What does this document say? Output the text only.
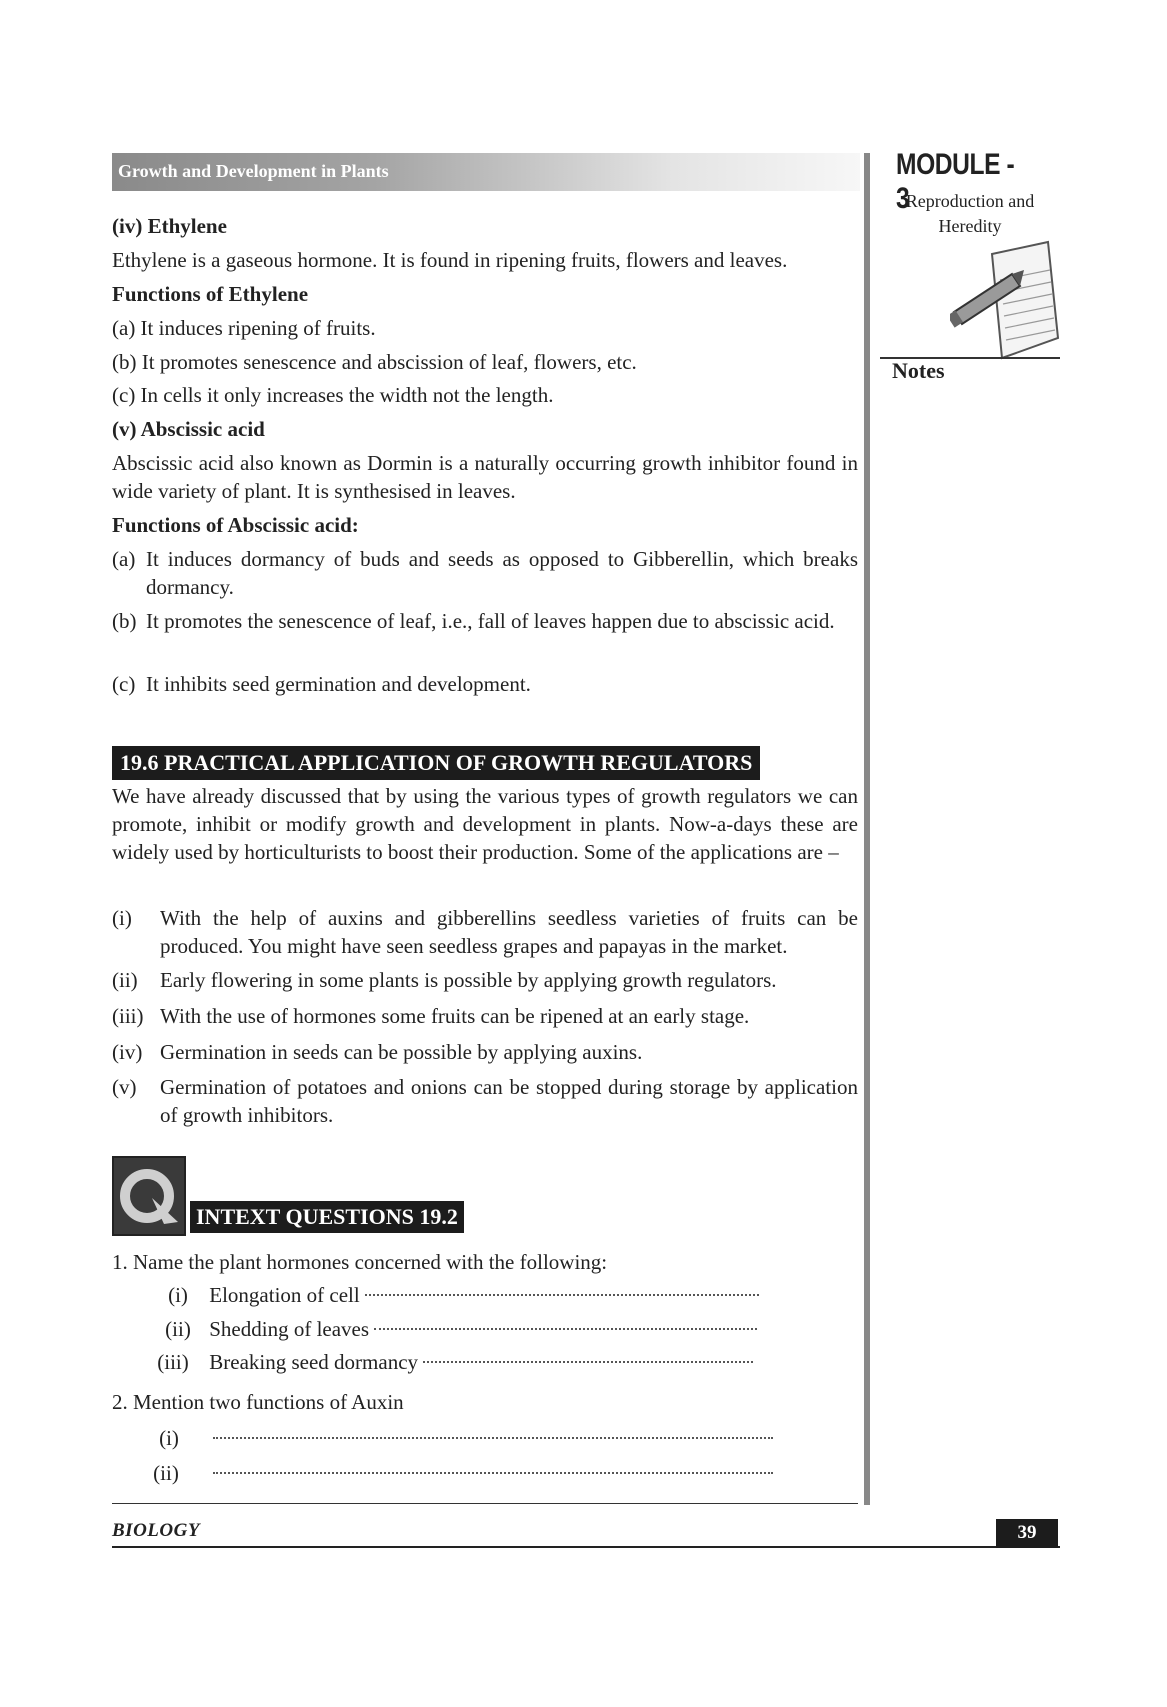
Growth and Development in Plants	MODULE - 3
Reproduction and
Heredity
Notes
(iv) Ethylene
Ethylene is a gaseous hormone. It is found in ripening fruits, flowers and leaves.
Functions of Ethylene
(a) It induces ripening of fruits.
(b) It promotes senescence and abscission of leaf, flowers, etc.
(c) In cells it only increases the width not the length.
(v) Abscissic acid
Abscissic acid also known as Dormin is a naturally occurring growth inhibitor found in wide variety of plant. It is synthesised in leaves.
Functions of Abscissic acid:
(a) It induces dormancy of buds and seeds as opposed to Gibberellin, which breaks dormancy.
(b) It promotes the senescence of leaf, i.e., fall of leaves happen due to abscissic acid.
(c) It inhibits seed germination and development.
19.6 PRACTICAL APPLICATION OF GROWTH REGULATORS
We have already discussed that by using the various types of growth regulators we can promote, inhibit or modify growth and development in plants. Now-a-days these are widely used by horticulturists to boost their production. Some of the applications are –
(i) With the help of auxins and gibberellins seedless varieties of fruits can be produced. You might have seen seedless grapes and papayas in the market.
(ii) Early flowering in some plants is possible by applying growth regulators.
(iii) With the use of hormones some fruits can be ripened at an early stage.
(iv) Germination in seeds can be possible by applying auxins.
(v) Germination of potatoes and onions can be stopped during storage by application of growth inhibitors.
INTEXT QUESTIONS 19.2
1. Name the plant hormones concerned with the following:
(i) Elongation of cell
(ii) Shedding of leaves
(iii) Breaking seed dormancy
2. Mention two functions of Auxin
(i)
(ii)
BIOLOGY	39
